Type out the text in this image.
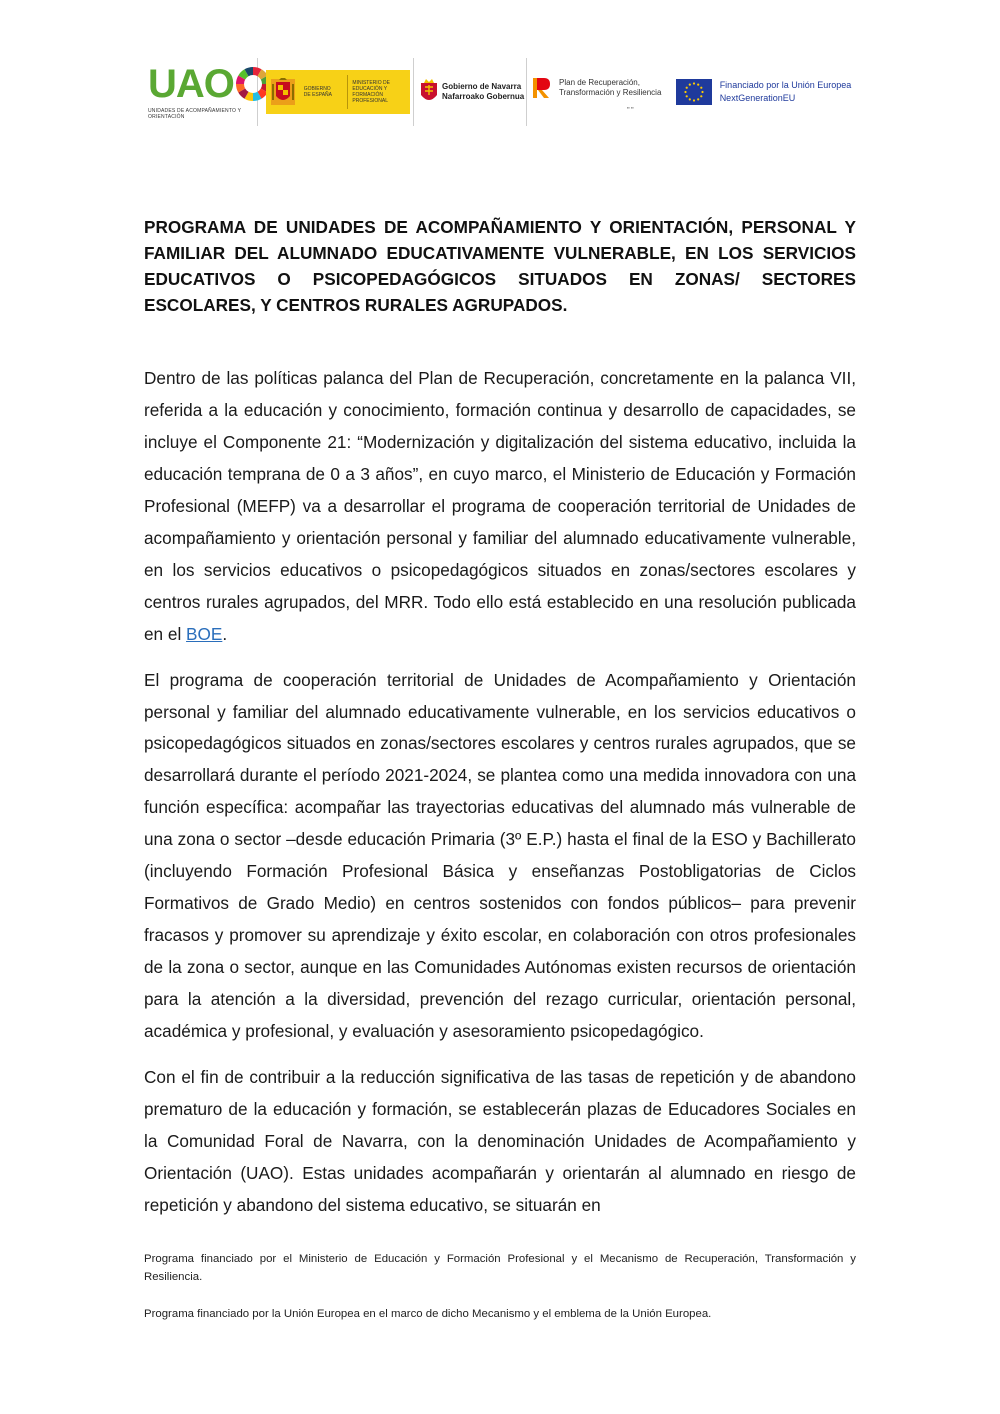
UAO
UNIDADES DE ACOMPAÑAMIENTO Y ORIENTACIÓN
GOBIERNO
DE ESPAÑA
MINISTERIO DE EDUCACIÓN Y FORMACIÓN PROFESIONAL
Gobierno de Navarra
Nafarroako Gobernua
Plan de Recuperación,
Transformación y Resiliencia
▪▪ ▪▪
Financiado por la Unión Europea
NextGenerationEU
PROGRAMA DE UNIDADES DE ACOMPAÑAMIENTO Y ORIENTACIÓN, PERSONAL Y FAMILIAR DEL ALUMNADO EDUCATIVAMENTE VULNERABLE, EN LOS SERVICIOS EDUCATIVOS O PSICOPEDAGÓGICOS SITUADOS EN ZONAS/ SECTORES ESCOLARES, Y CENTROS RURALES AGRUPADOS.

Dentro de las políticas palanca del Plan de Recuperación, concretamente en la palanca VII, referida a la educación y conocimiento, formación continua y desarrollo de capacidades, se incluye el Componente 21: “Modernización y digitalización del sistema educativo, incluida la educación temprana de 0 a 3 años”, en cuyo marco, el Ministerio de Educación y Formación Profesional (MEFP) va a desarrollar el programa de cooperación territorial de Unidades de acompañamiento y orientación personal y familiar del alumnado educativamente vulnerable, en los servicios educativos o psicopedagógicos situados en zonas/sectores escolares y centros rurales agrupados, del MRR. Todo ello está establecido en una resolución publicada en el BOE.

El programa de cooperación territorial de Unidades de Acompañamiento y Orientación personal y familiar del alumnado educativamente vulnerable, en los servicios educativos o psicopedagógicos situados en zonas/sectores escolares y centros rurales agrupados, que se desarrollará durante el período 2021-2024, se plantea como una medida innovadora con una función específica: acompañar las trayectorias educativas del alumnado más vulnerable de una zona o sector –desde educación Primaria (3º E.P.) hasta el final de la ESO y Bachillerato (incluyendo Formación Profesional Básica y enseñanzas Postobligatorias de Ciclos Formativos de Grado Medio) en centros sostenidos con fondos públicos– para prevenir fracasos y promover su aprendizaje y éxito escolar, en colaboración con otros profesionales de la zona o sector, aunque en las Comunidades Autónomas existen recursos de orientación para la atención a la diversidad, prevención del rezago curricular, orientación personal, académica y profesional, y evaluación y asesoramiento psicopedagógico.

Con el fin de contribuir a la reducción significativa de las tasas de repetición y de abandono prematuro de la educación y formación, se establecerán plazas de Educadores Sociales en la Comunidad Foral de Navarra, con la denominación Unidades de Acompañamiento y Orientación (UAO). Estas unidades acompañarán y orientarán al alumnado en riesgo de repetición y abandono del sistema educativo, se situarán en

Programa financiado por el Ministerio de Educación y Formación Profesional y el Mecanismo de Recuperación, Transformación y Resiliencia.

Programa financiado por la Unión Europea en el marco de dicho Mecanismo y el emblema de la Unión Europea.
